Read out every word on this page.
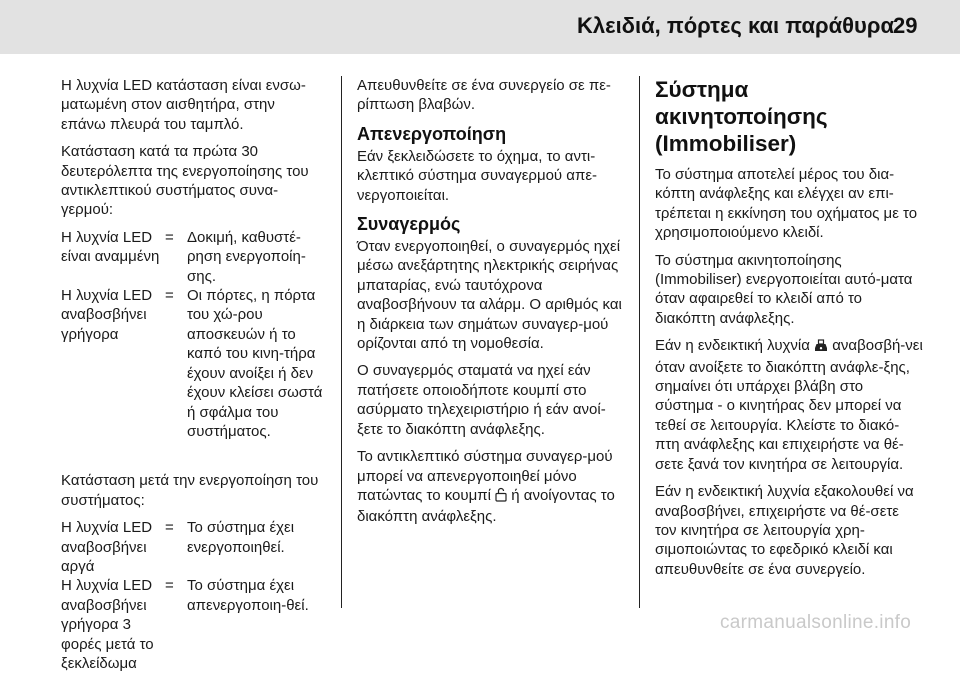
Κλειδιά, πόρτες και παράθυρα 29

Η λυχνία LED κατάσταση είναι ενσω-ματωμένη στον αισθητήρα, στην επάνω πλευρά του ταμπλό.

Κατάσταση κατά τα πρώτα 30 δευτερόλεπτα της ενεργοποίησης του αντικλεπτικού συστήματος συνα-γερμού:

Η λυχνία LED είναι αναμμένη
= Δοκιμή, καθυστέ-ρηση ενεργοποίη-σης.
Η λυχνία LED αναβοσβήνει γρήγορα
= Οι πόρτες, η πόρτα του χώ-ρου αποσκευών ή το καπό του κινη-τήρα έχουν ανοίξει ή δεν έχουν κλείσει σωστά ή σφάλμα του συστήματος.

Κατάσταση μετά την ενεργοποίηση του συστήματος:

Η λυχνία LED αναβοσβήνει αργά
= Το σύστημα έχει ενεργοποιηθεί.
Η λυχνία LED αναβοσβήνει γρήγορα 3 φορές μετά το ξεκλείδωμα
= Το σύστημα έχει απενεργοποιη-θεί.

Απευθυνθείτε σε ένα συνεργείο σε πε-ρίπτωση βλαβών.

Απενεργοποίηση

Εάν ξεκλειδώσετε το όχημα, το αντι-κλεπτικό σύστημα συναγερμού απε-νεργοποιείται.

Συναγερμός

Όταν ενεργοποιηθεί, ο συναγερμός ηχεί μέσω ανεξάρτητης ηλεκτρικής σειρήνας μπαταρίας, ενώ ταυτόχρονα αναβοσβήνουν τα αλάρμ. Ο αριθμός και η διάρκεια των σημάτων συναγερ-μού ορίζονται από τη νομοθεσία.

Ο συναγερμός σταματά να ηχεί εάν πατήσετε οποιοδήποτε κουμπί στο ασύρματο τηλεχειριστήριο ή εάν ανοί-ξετε το διακόπτη ανάφλεξης.

Το αντικλεπτικό σύστημα συναγερ-μού μπορεί να απενεργοποιηθεί μόνο πατώντας το κουμπί ή ανοίγοντας το διακόπτη ανάφλεξης.

Σύστημα ακινητοποίησης (Immobiliser)

Το σύστημα αποτελεί μέρος του δια-κόπτη ανάφλεξης και ελέγχει αν επι-τρέπεται η εκκίνηση του οχήματος με το χρησιμοποιούμενο κλειδί.

Το σύστημα ακινητοποίησης (Immobiliser) ενεργοποιείται αυτό-ματα όταν αφαιρεθεί το κλειδί από το διακόπτη ανάφλεξης.

Εάν η ενδεικτική λυχνία αναβοσβή-νει όταν ανοίξετε το διακόπτη ανάφλε-ξης, σημαίνει ότι υπάρχει βλάβη στο σύστημα - ο κινητήρας δεν μπορεί να τεθεί σε λειτουργία. Κλείστε το διακό-πτη ανάφλεξης και επιχειρήστε να θέ-σετε ξανά τον κινητήρα σε λειτουργία.

Εάν η ενδεικτική λυχνία εξακολουθεί να αναβοσβήνει, επιχειρήστε να θέ-σετε τον κινητήρα σε λειτουργία χρη-σιμοποιώντας το εφεδρικό κλειδί και απευθυνθείτε σε ένα συνεργείο.

carmanualsonline.info
